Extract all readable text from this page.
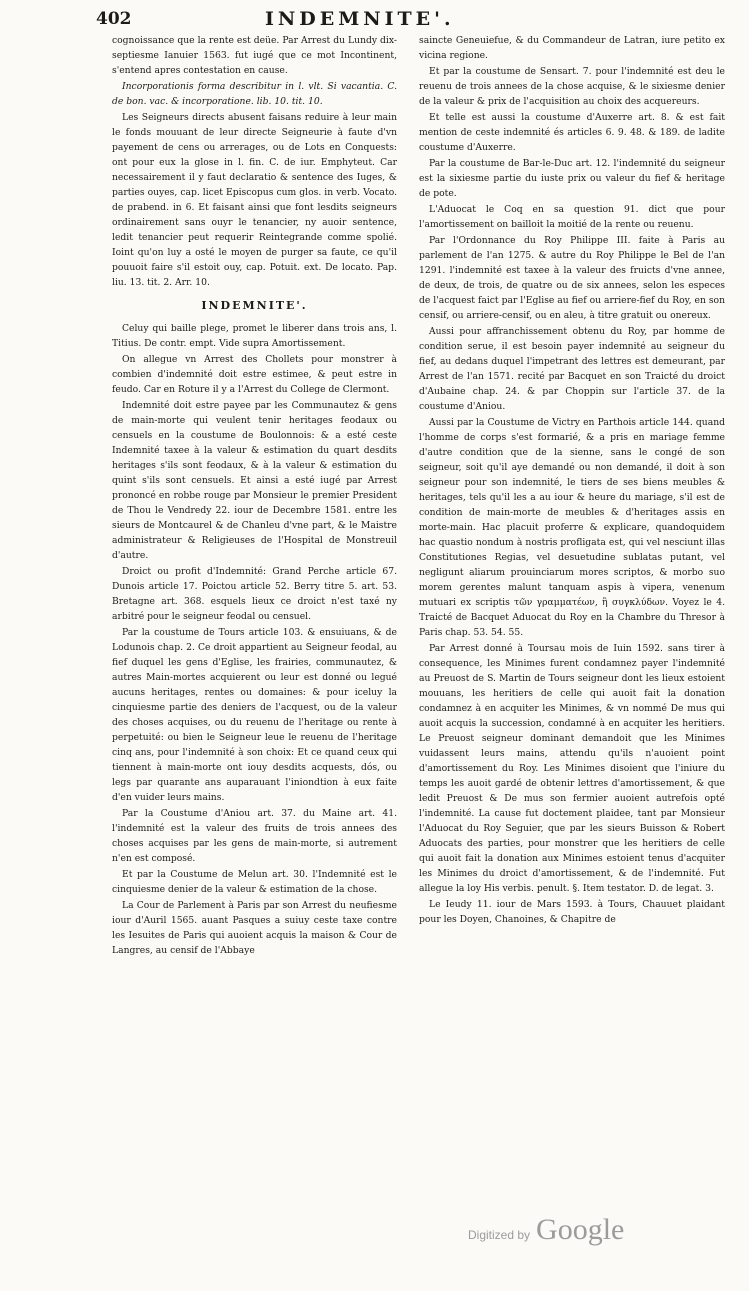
402	INDEMNITE'.

cognoissance que la rente est deüe. Par Arrest du Lundy dix-septiesme Ianuier 1563. fut iugé que ce mot Incontinent, s'entend apres contestation en cause.

Incorporationis forma describitur in l. vlt. Si vacantia. C. de bon. vac. & incorporatione. lib. 10. tit. 10.

Les Seigneurs directs abusent faisans reduire à leur main le fonds mouuant de leur directe Seigneurie à faute d'vn payement de cens ou arrerages, ou de Lots en Conquests: ont pour eux la glose in l. fin. C. de iur. Emphyteut. Car necessairement il y faut declaratio & sentence des Iuges, & parties ouyes, cap. licet Episcopus cum glos. in verb. Vocato. de prabend. in 6. Et faisant ainsi que font lesdits seigneurs ordinairement sans ouyr le tenancier, ny auoir sentence, ledit tenancier peut requerir Reintegrande comme spolié. Ioint qu'on luy a osté le moyen de purger sa faute, ce qu'il pouuoit faire s'il estoit ouy, cap. Potuit. ext. De locato. Pap. liu. 13. tit. 2. Arr. 10.

INDEMNITE'.

Celuy qui baille plege, promet le liberer dans trois ans, l. Titius. De contr. empt. Vide supra Amortissement.

On allegue vn Arrest des Chollets pour monstrer à combien d'indemnité doit estre estimee, & peut estre in feudo. Car en Roture il y a l'Arrest du College de Clermont.

Indemnité doit estre payee par les Communautez & gens de main-morte qui veulent tenir heritages feodaux ou censuels en la coustume de Boulonnois: & a esté ceste Indemnité taxee à la valeur & estimation du quart desdits heritages s'ils sont feodaux, & à la valeur & estimation du quint s'ils sont censuels. Et ainsi a esté iugé par Arrest prononcé en robbe rouge par Monsieur le premier President de Thou le Vendredy 22. iour de Decembre 1581. entre les sieurs de Montcaurel & de Chanleu d'vne part, & le Maistre administrateur & Religieuses de l'Hospital de Monstreuil d'autre.

Droict ou profit d'Indemnité: Grand Perche article 67. Dunois article 17. Poictou article 52. Berry titre 5. art. 53. Bretagne art. 368. esquels lieux ce droict n'est taxé ny arbitré pour le seigneur feodal ou censuel.

Par la coustume de Tours article 103. & ensuiuans, & de Lodunois chap. 2. Ce droit appartient au Seigneur feodal, au fief duquel les gens d'Eglise, les frairies, communautez, & autres Main-mortes acquierent ou leur est donné ou legué aucuns heritages, rentes ou domaines: & pour iceluy la cinquiesme partie des deniers de l'acquest, ou de la valeur des choses acquises, ou du reuenu de l'heritage ou rente à perpetuité: ou bien le Seigneur leue le reuenu de l'heritage cinq ans, pour l'indemnité à son choix: Et ce quand ceux qui tiennent à main-morte ont iouy desdits acquests, dós, ou legs par quarante ans auparauant l'iniondtion à eux faite d'en vuider leurs mains.

Par la Coustume d'Aniou art. 37. du Maine art. 41. l'indemnité est la valeur des fruits de trois annees des choses acquises par les gens de main-morte, si autrement n'en est composé.

Et par la Coustume de Melun art. 30. l'Indemnité est le cinquiesme denier de la valeur & estimation de la chose.

La Cour de Parlement à Paris par son Arrest du neufiesme iour d'Auril 1565. auant Pasques a suiuy ceste taxe contre les Iesuites de Paris qui auoient acquis la maison & Cour de Langres, au censif de l'Abbaye

saincte Geneuiefue, & du Commandeur de Latran, iure petito ex vicina regione.

Et par la coustume de Sensart. 7. pour l'indemnité est deu le reuenu de trois annees de la chose acquise, & le sixiesme denier de la valeur & prix de l'acquisition au choix des acquereurs.

Et telle est aussi la coustume d'Auxerre art. 8. & est fait mention de ceste indemnité és articles 6. 9. 48. & 189. de ladite coustume d'Auxerre.

Par la coustume de Bar-le-Duc art. 12. l'indemnité du seigneur est la sixiesme partie du iuste prix ou valeur du fief & heritage de pote.

L'Aduocat le Coq en sa question 91. dict que pour l'amortissement on bailloit la moitié de la rente ou reuenu.

Par l'Ordonnance du Roy Philippe III. faite à Paris au parlement de l'an 1275. & autre du Roy Philippe le Bel de l'an 1291. l'indemnité est taxee à la valeur des fruicts d'vne annee, de deux, de trois, de quatre ou de six annees, selon les especes de l'acquest faict par l'Eglise au fief ou arriere-fief du Roy, en son censif, ou arriere-censif, ou en aleu, à titre gratuit ou onereux.

Aussi pour affranchissement obtenu du Roy, par homme de condition serue, il est besoin payer indemnité au seigneur du fief, au dedans duquel l'impetrant des lettres est demeurant, par Arrest de l'an 1571. recité par Bacquet en son Traicté du droict d'Aubaine chap. 24. & par Choppin sur l'article 37. de la coustume d'Aniou.

Aussi par la Coustume de Victry en Parthois article 144. quand l'homme de corps s'est formarié, & a pris en mariage femme d'autre condition que de la sienne, sans le congé de son seigneur, soit qu'il aye demandé ou non demandé, il doit à son seigneur pour son indemnité, le tiers de ses biens meubles & heritages, tels qu'il les a au iour & heure du mariage, s'il est de condition de main-morte de meubles & d'heritages assis en morte-main. Hac placuit proferre & explicare, quandoquidem hac quastio nondum à nostris profligata est, qui vel nesciunt illas Constitutiones Regias, vel desuetudine sublatas putant, vel negligunt aliarum prouinciarum mores scriptos, & morbo suo morem gerentes malunt tanquam aspis à vipera, venenum mutuari ex scriptis τῶν γραμματέων, ἢ συγκλύδων. Voyez le 4. Traicté de Bacquet Aduocat du Roy en la Chambre du Thresor à Paris chap. 53. 54. 55.

Par Arrest donné à Toursau mois de Iuin 1592. sans tirer à consequence, les Minimes furent condamnez payer l'indemnité au Preuost de S. Martin de Tours seigneur dont les lieux estoient mouuans, les heritiers de celle qui auoit fait la donation condamnez à en acquiter les Minimes, & vn nommé De mus qui auoit acquis la succession, condamné à en acquiter les heritiers. Le Preuost seigneur dominant demandoit que les Minimes vuidassent leurs mains, attendu qu'ils n'auoient point d'amortissement du Roy. Les Minimes disoient que l'iniure du temps les auoit gardé de obtenir lettres d'amortissement, & que ledit Preuost & De mus son fermier auoient autrefois opté l'indemnité. La cause fut doctement plaidee, tant par Monsieur l'Aduocat du Roy Seguier, que par les sieurs Buisson & Robert Aduocats des parties, pour monstrer que les heritiers de celle qui auoit fait la donation aux Minimes estoient tenus d'acquiter les Minimes du droict d'amortissement, & de l'indemnité. Fut allegue la loy His verbis. penult. §. Item testator. D. de legat. 3.

Le Ieudy 11. iour de Mars 1593. à Tours, Chauuet plaidant pour les Doyen, Chanoines, & Chapitre de

Digitized by Google
